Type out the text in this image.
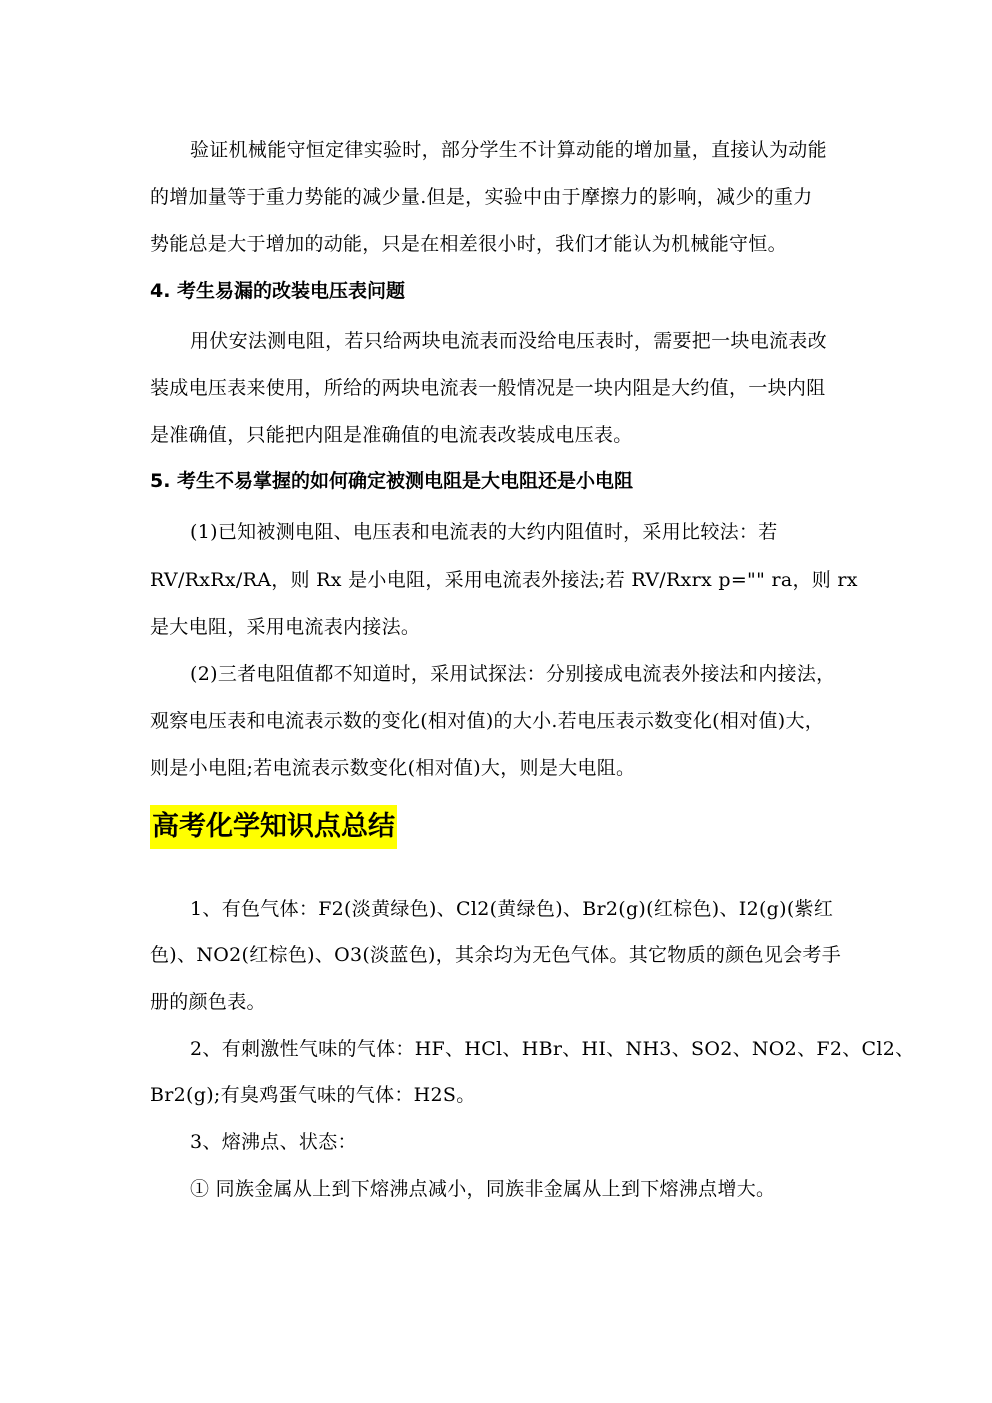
验证机械能守恒定律实验时，部分学生不计算动能的增加量，直接认为动能
的增加量等于重力势能的减少量.但是，实验中由于摩擦力的影响，减少的重力
势能总是大于增加的动能，只是在相差很小时，我们才能认为机械能守恒。
4. 考生易漏的改装电压表问题
用伏安法测电阻，若只给两块电流表而没给电压表时，需要把一块电流表改
装成电压表来使用，所给的两块电流表一般情况是一块内阻是大约值，一块内阻
是准确值，只能把内阻是准确值的电流表改装成电压表。
5. 考生不易掌握的如何确定被测电阻是大电阻还是小电阻
(1)已知被测电阻、电压表和电流表的大约内阻值时，采用比较法：若
RV/RxRx/RA，则 Rx 是小电阻，采用电流表外接法;若 RV/Rxrx p="" ra，则 rx
是大电阻，采用电流表内接法。
(2)三者电阻值都不知道时，采用试探法：分别接成电流表外接法和内接法，
观察电压表和电流表示数的变化(相对值)的大小.若电压表示数变化(相对值)大，
则是小电阻;若电流表示数变化(相对值)大，则是大电阻。
高考化学知识点总结
1、有色气体：F2(淡黄绿色)、Cl2(黄绿色)、Br2(g)(红棕色)、I2(g)(紫红
色)、NO2(红棕色)、O3(淡蓝色)，其余均为无色气体。其它物质的颜色见会考手
册的颜色表。
2、有刺激性气味的气体：HF、HCl、HBr、HI、NH3、SO2、NO2、F2、Cl2、
Br2(g);有臭鸡蛋气味的气体：H2S。
3、熔沸点、状态：
① 同族金属从上到下熔沸点减小，同族非金属从上到下熔沸点增大。
